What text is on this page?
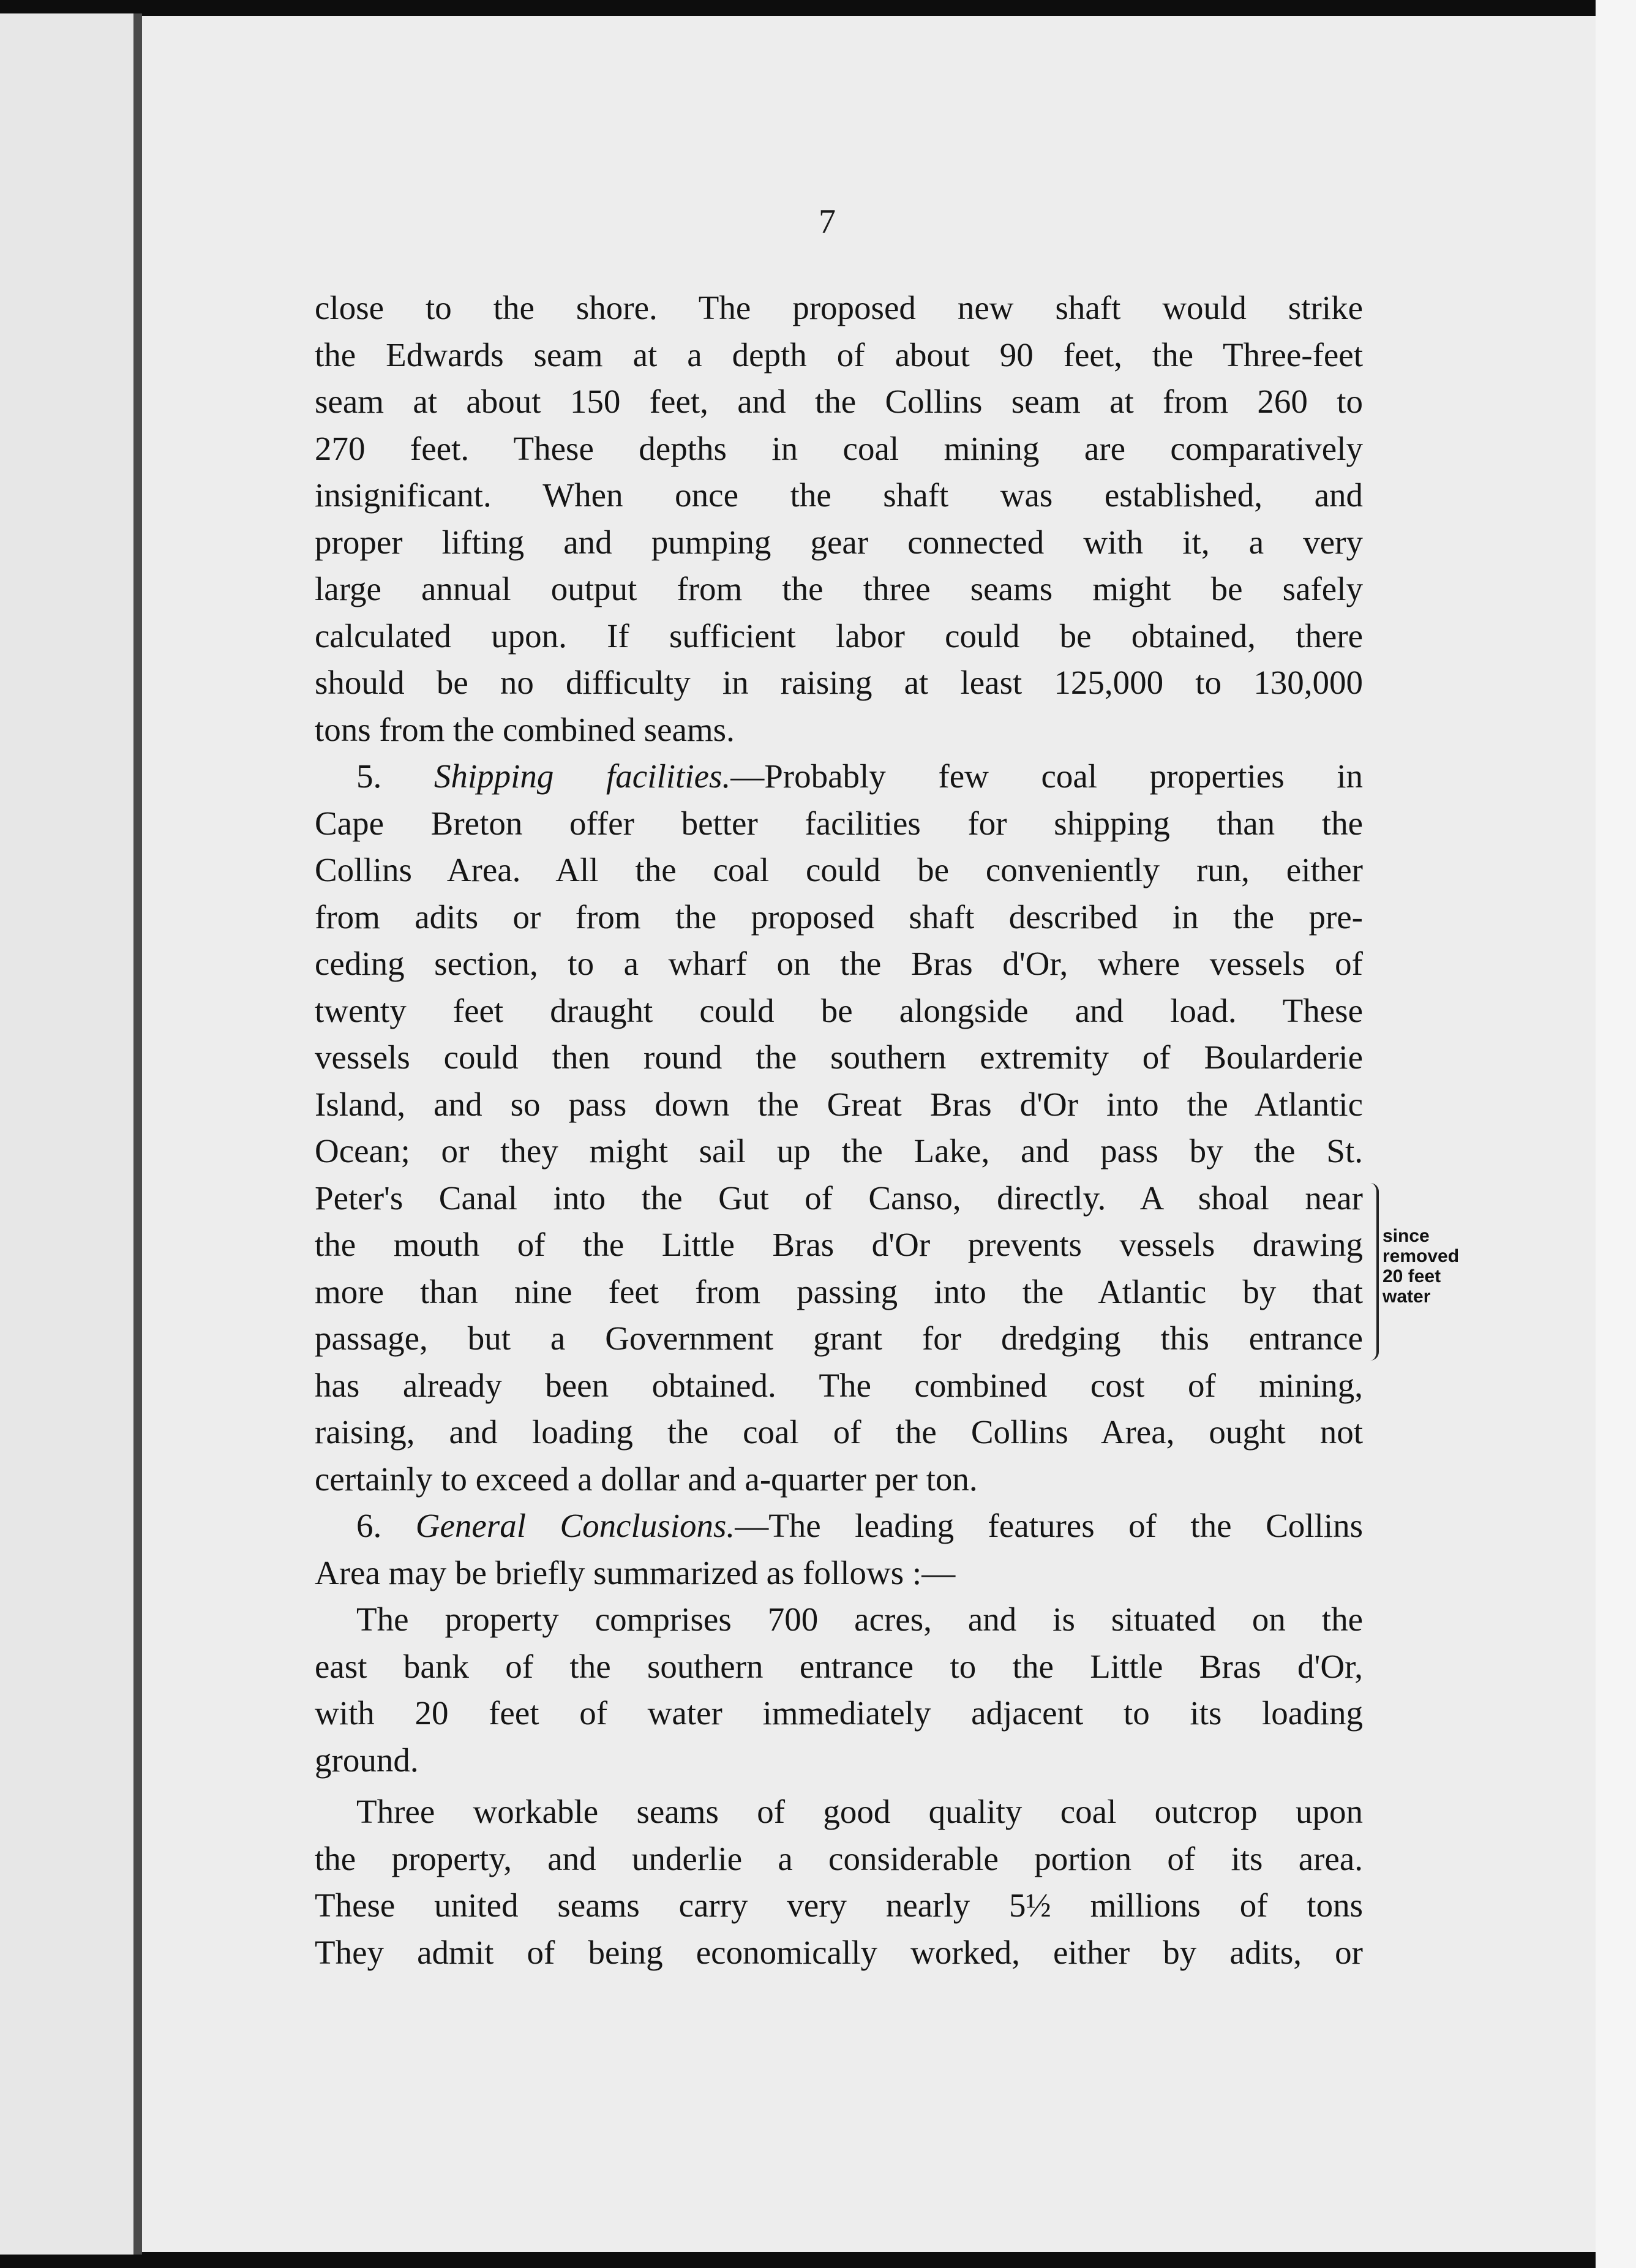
7
close to the shore. The proposed new shaft would strike
the Edwards seam at a depth of about 90 feet, the Three-feet
seam at about 150 feet, and the Collins seam at from 260 to
270 feet. These depths in coal mining are comparatively
insignificant. When once the shaft was established, and
proper lifting and pumping gear connected with it, a very
large annual output from the three seams might be safely
calculated upon. If sufficient labor could be obtained, there
should be no difficulty in raising at least 125,000 to 130,000
tons from the combined seams.
5. Shipping facilities.—Probably few coal properties in
Cape Breton offer better facilities for shipping than the
Collins Area. All the coal could be conveniently run, either
from adits or from the proposed shaft described in the pre-
ceding section, to a wharf on the Bras d'Or, where vessels of
twenty feet draught could be alongside and load. These
vessels could then round the southern extremity of Boularderie
Island, and so pass down the Great Bras d'Or into the Atlantic
Ocean; or they might sail up the Lake, and pass by the St.
Peter's Canal into the Gut of Canso, directly. A shoal near
the mouth of the Little Bras d'Or prevents vessels drawing
more than nine feet from passing into the Atlantic by that
passage, but a Government grant for dredging this entrance
has already been obtained. The combined cost of mining,
raising, and loading the coal of the Collins Area, ought not
certainly to exceed a dollar and a-quarter per ton.
6. General Conclusions.—The leading features of the Collins
Area may be briefly summarized as follows :—
The property comprises 700 acres, and is situated on the
east bank of the southern entrance to the Little Bras d'Or,
with 20 feet of water immediately adjacent to its loading
ground.
Three workable seams of good quality coal outcrop upon
the property, and underlie a considerable portion of its area.
These united seams carry very nearly 5½ millions of tons
They admit of being economically worked, either by adits, or
since
removed
20 feet
water
